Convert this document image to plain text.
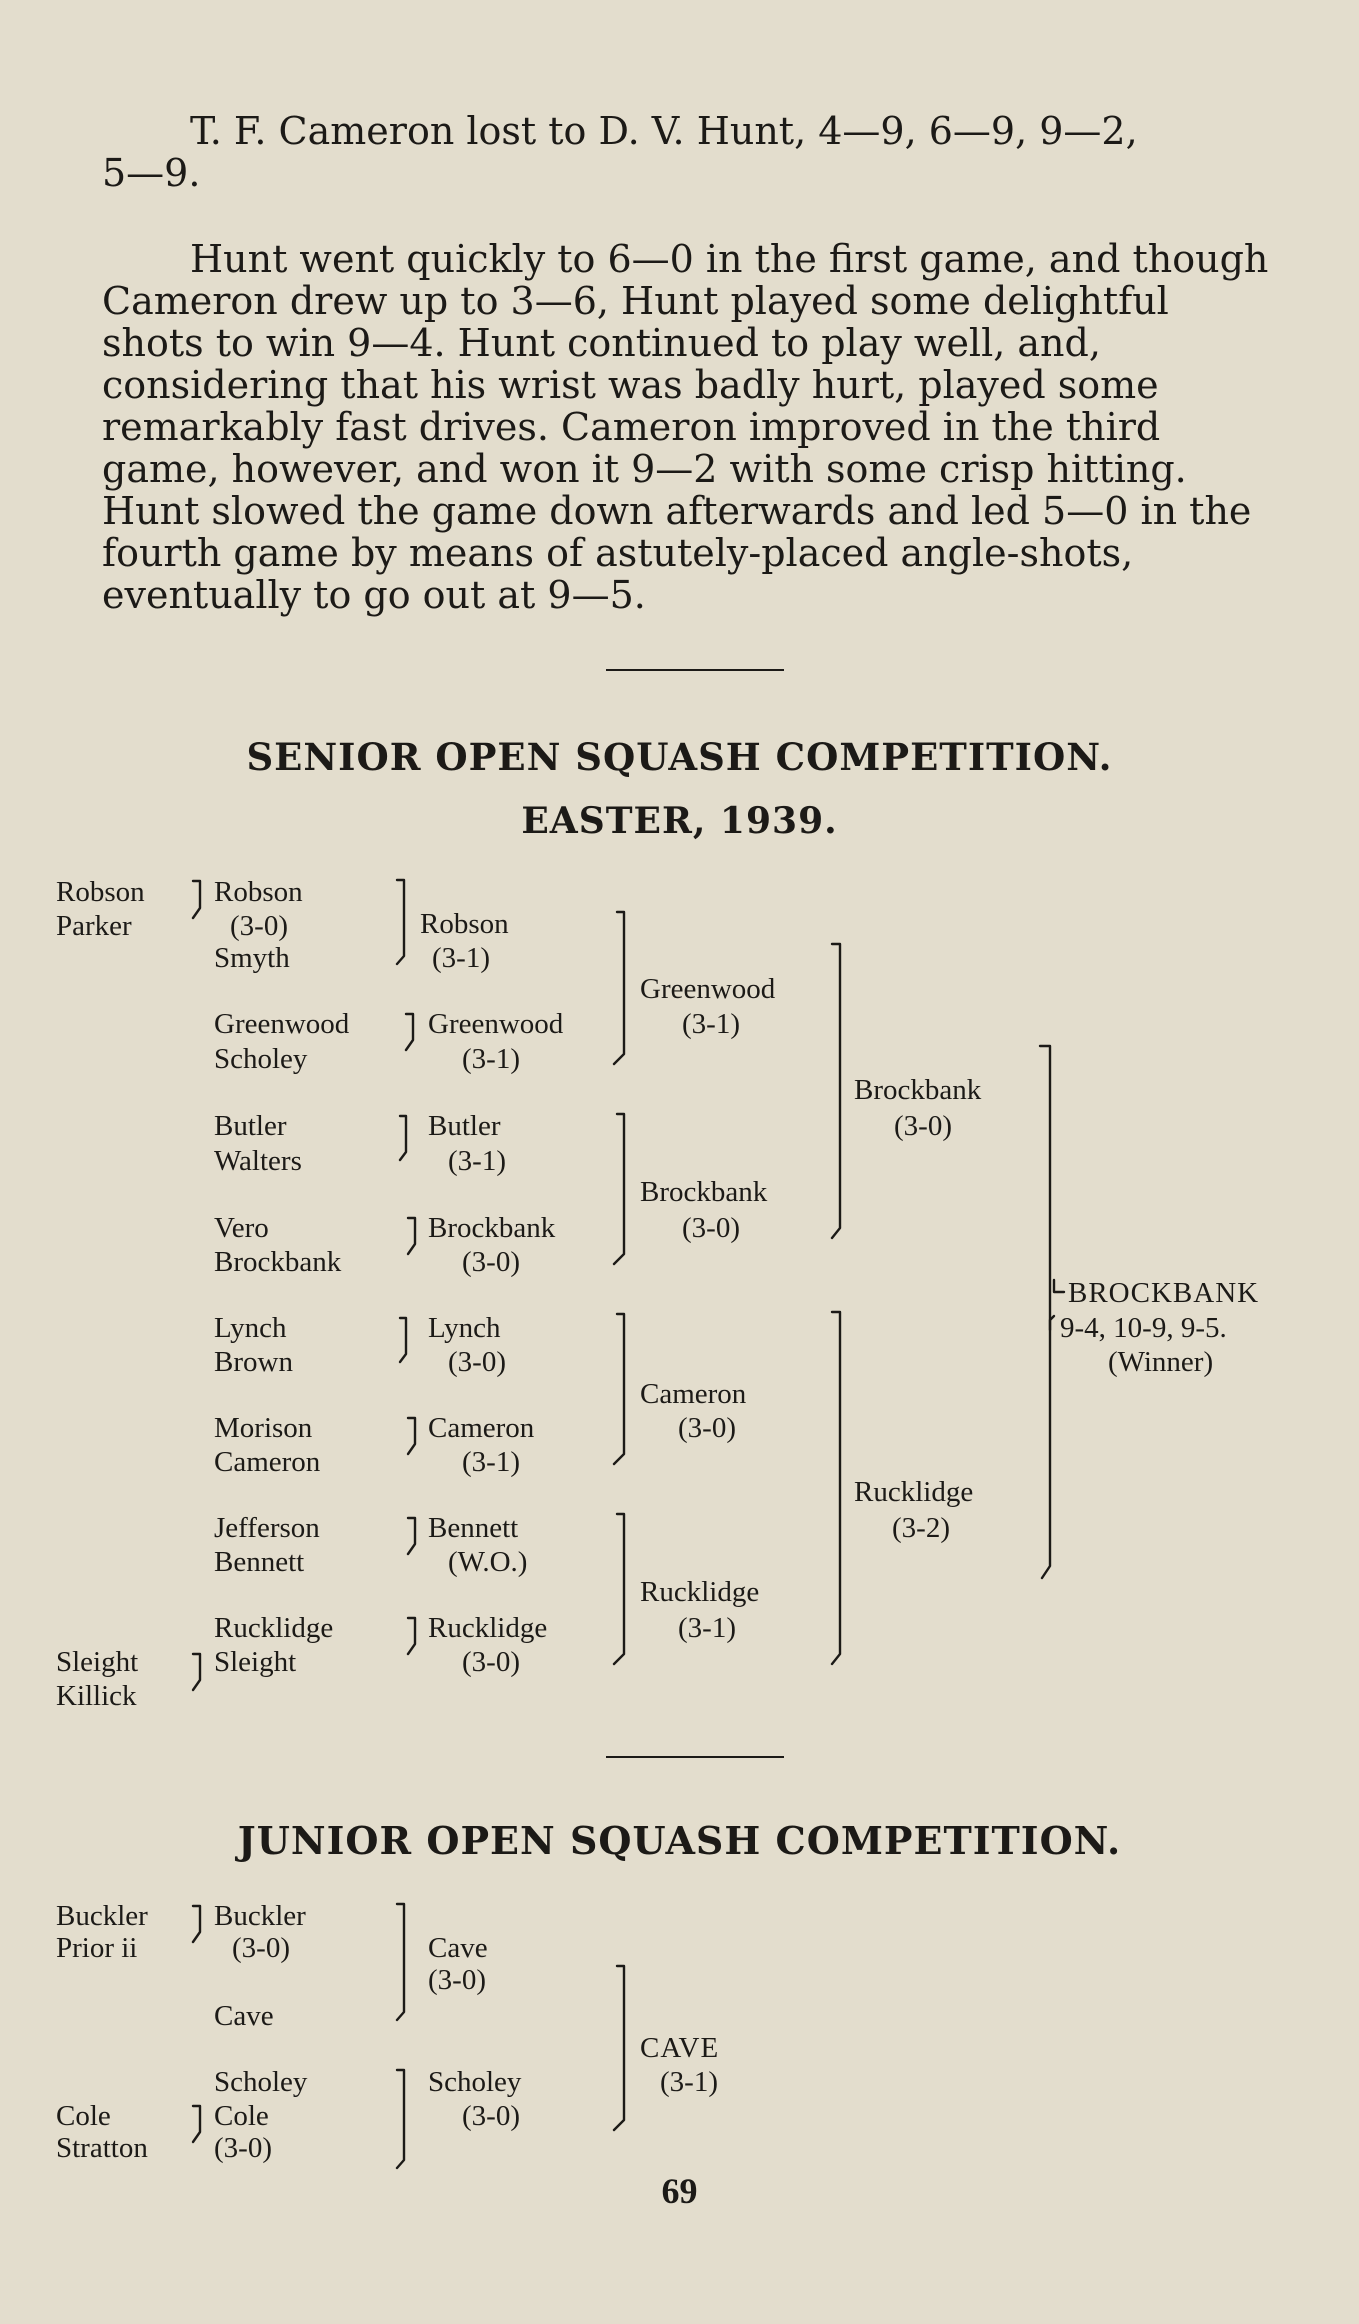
T. F. Cameron lost to D. V. Hunt, 4—9, 6—9, 9—2,

5—9.

Hunt went quickly to 6—0 in the first game, and though

Cameron drew up to 3—6, Hunt played some delightful

shots to win 9—4. Hunt continued to play well, and,

considering that his wrist was badly hurt, played some

remarkably fast drives. Cameron improved in the third

game, however, and won it 9—2 with some crisp hitting.

Hunt slowed the game down afterwards and led 5—0 in the

fourth game by means of astutely-placed angle-shots,

eventually to go out at 9—5.

SENIOR OPEN SQUASH COMPETITION.
EASTER, 1939.
Robson
Parker
Robson
(3-0)
Smyth
Robson
(3-1)
Greenwood
Scholey
Greenwood
(3-1)
Greenwood
(3-1)
Butler
Walters
Butler
(3-1)
Vero
Brockbank
Brockbank
(3-0)
Brockbank
(3-0)
Brockbank
(3-0)
Lynch
Brown
Lynch
(3-0)
Morison
Cameron
Cameron
(3-1)
Cameron
(3-0)
Jefferson
Bennett
Bennett
(W.O.)
Rucklidge
Sleight
Sleight
Killick
Rucklidge
(3-0)
Rucklidge
(3-1)
Rucklidge
(3-2)
BROCKBANK
9-4, 10-9, 9-5.
(Winner)
JUNIOR OPEN SQUASH COMPETITION.
Buckler
Prior ii
Buckler
(3-0)
Cave
Cave
(3-0)
Scholey
Cole
Stratton
Cole
(3-0)
Scholey
(3-0)
CAVE
(3-1)
69
